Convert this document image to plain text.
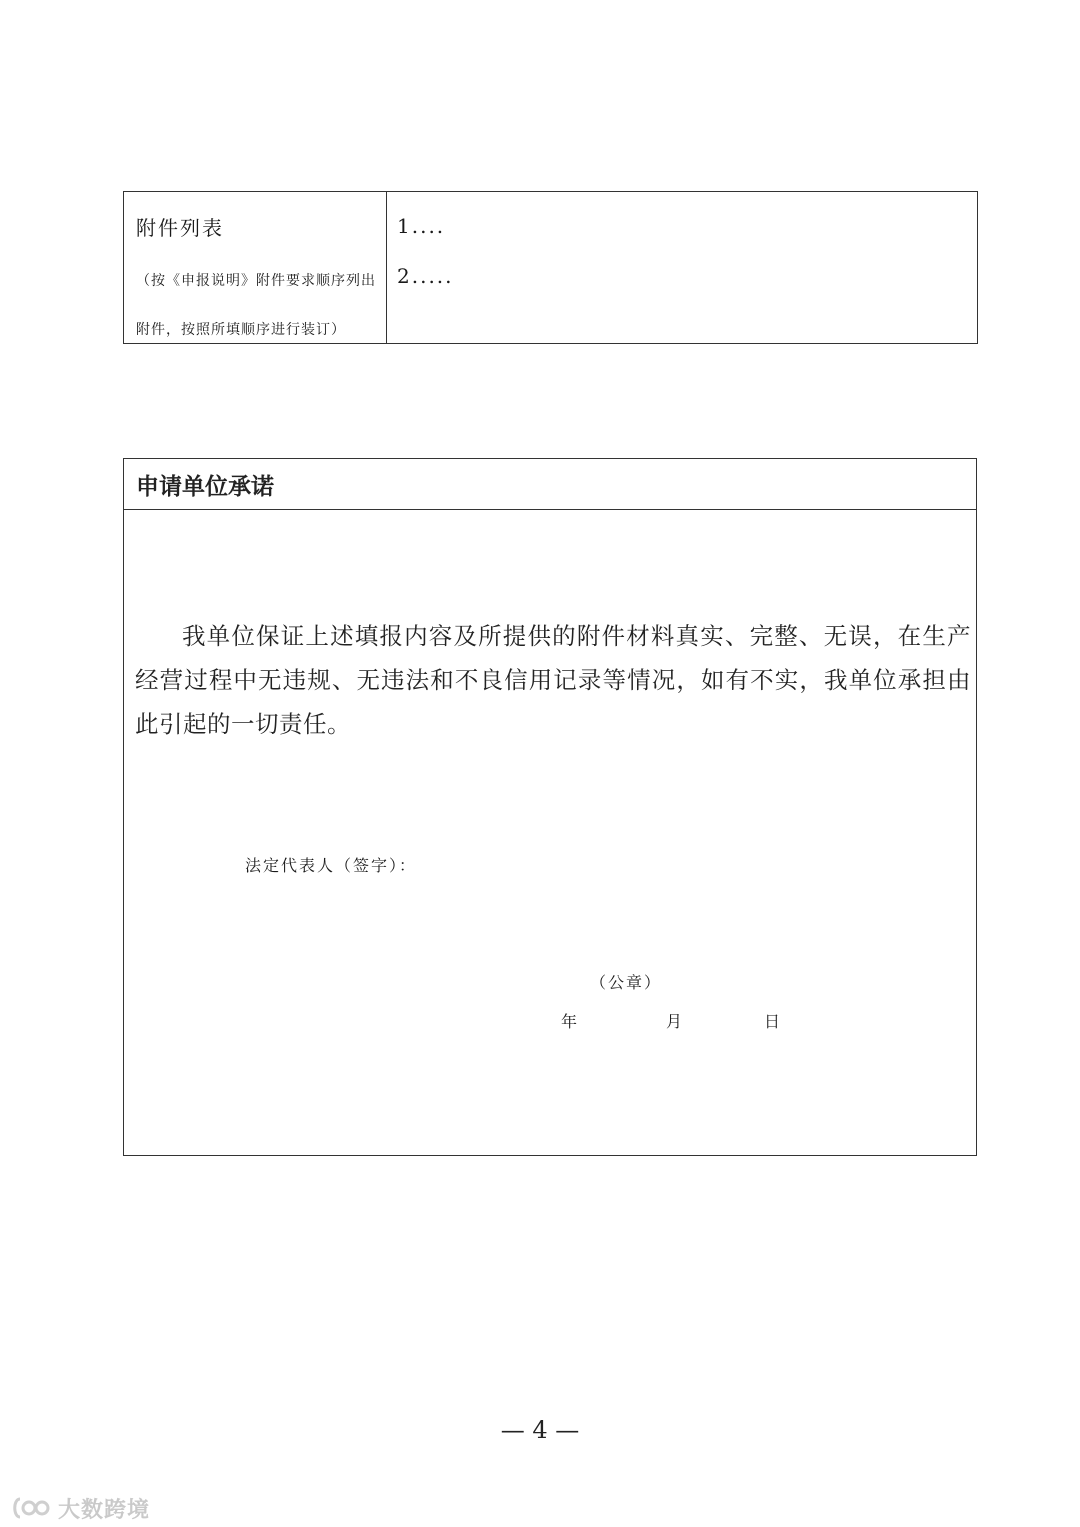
附件列表
（按《申报说明》附件要求顺序列出
附件，按照所填顺序进行装订）
1....
2.....
申请单位承诺
我单位保证上述填报内容及所提供的附件材料真实、完整、无误，在生产经营过程中无违规、无违法和不良信用记录等情况，如有不实，我单位承担由此引起的一切责任。
法定代表人（签字）：
（公章）
年	月	日
— 4 —
大数跨境
